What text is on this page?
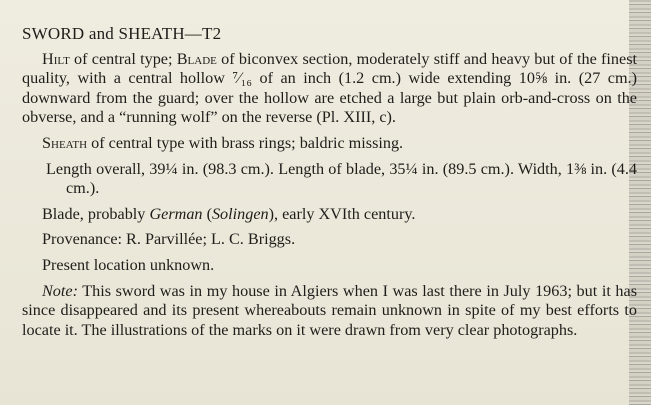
SWORD and SHEATH—T2

Hilt of central type; Blade of biconvex section, moderately stiff and heavy but of the finest quality, with a central hollow ⁷⁄₁₆ of an inch (1.2 cm.) wide extending 10⅝ in. (27 cm.) downward from the guard; over the hollow are etched a large but plain orb-and-cross on the obverse, and a “running wolf” on the reverse (Pl. XIII, c).

Sheath of central type with brass rings; baldric missing.

Length overall, 39¼ in. (98.3 cm.). Length of blade, 35¼ in. (89.5 cm.). Width, 1⅜ in. (4.4 cm.).

Blade, probably German (Solingen), early XVIth century.

Provenance: R. Parvillée; L. C. Briggs.

Present location unknown.

Note: This sword was in my house in Algiers when I was last there in July 1963; but it has since disappeared and its present whereabouts remain unknown in spite of my best efforts to locate it. The illustrations of the marks on it were drawn from very clear photographs.
